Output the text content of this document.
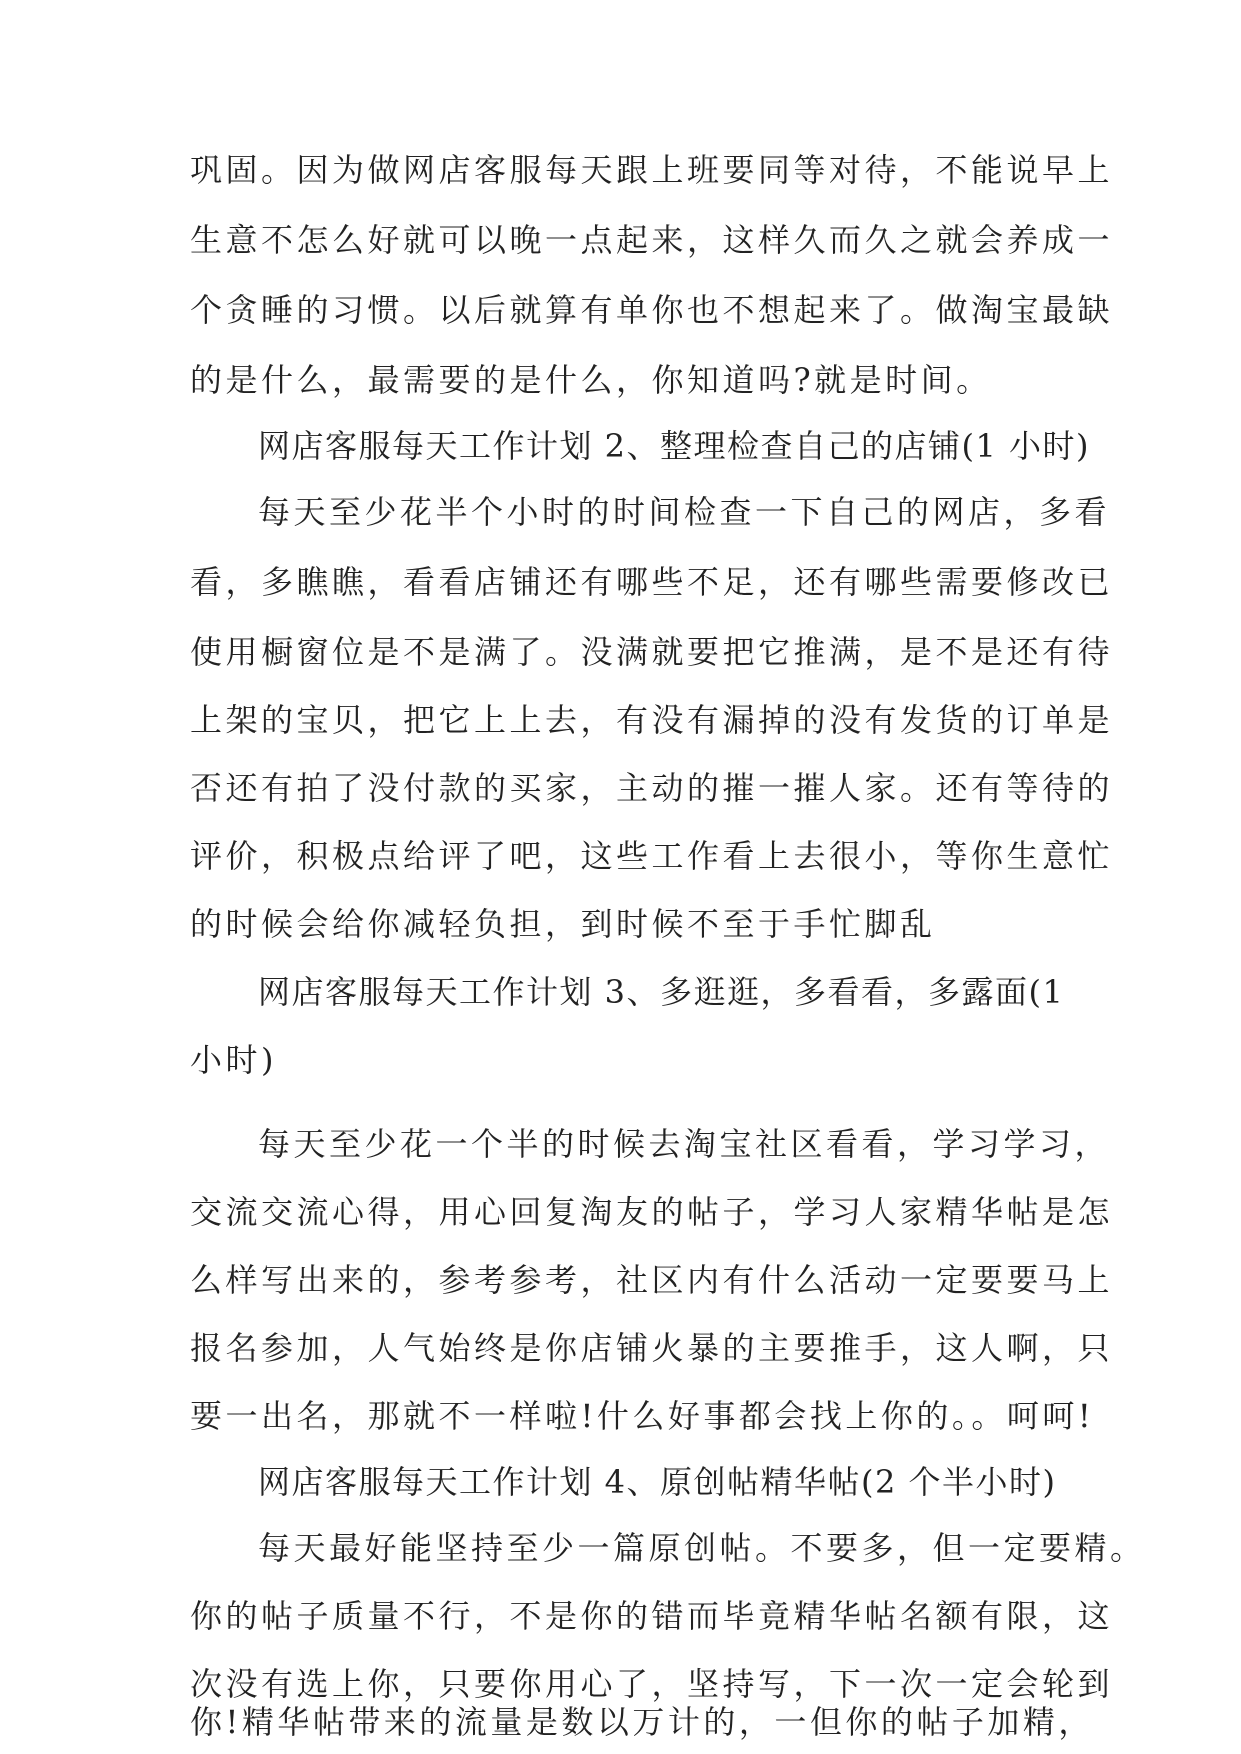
巩固。因为做网店客服每天跟上班要同等对待，不能说早上
生意不怎么好就可以晚一点起来，这样久而久之就会养成一
个贪睡的习惯。以后就算有单你也不想起来了。做淘宝最缺
的是什么，最需要的是什么，你知道吗?就是时间。
网店客服每天工作计划 2、整理检查自己的店铺(1 小时)
每天至少花半个小时的时间检查一下自己的网店，多看
看，多瞧瞧，看看店铺还有哪些不足，还有哪些需要修改已
使用橱窗位是不是满了。没满就要把它推满，是不是还有待
上架的宝贝，把它上上去，有没有漏掉的没有发货的订单是
否还有拍了没付款的买家，主动的摧一摧人家。还有等待的
评价，积极点给评了吧，这些工作看上去很小，等你生意忙
的时候会给你减轻负担，到时候不至于手忙脚乱
网店客服每天工作计划 3、多逛逛，多看看，多露面(1
小时)
每天至少花一个半的时候去淘宝社区看看，学习学习，
交流交流心得，用心回复淘友的帖子，学习人家精华帖是怎
么样写出来的，参考参考，社区内有什么活动一定要要马上
报名参加，人气始终是你店铺火暴的主要推手，这人啊，只
要一出名，那就不一样啦!什么好事都会找上你的。。呵呵!
网店客服每天工作计划 4、原创帖精华帖(2 个半小时)
每天最好能坚持至少一篇原创帖。不要多，但一定要精。
你的帖子质量不行，不是你的错而毕竟精华帖名额有限，这
次没有选上你，只要你用心了，坚持写，下一次一定会轮到
你!精华帖带来的流量是数以万计的，一但你的帖子加精，
